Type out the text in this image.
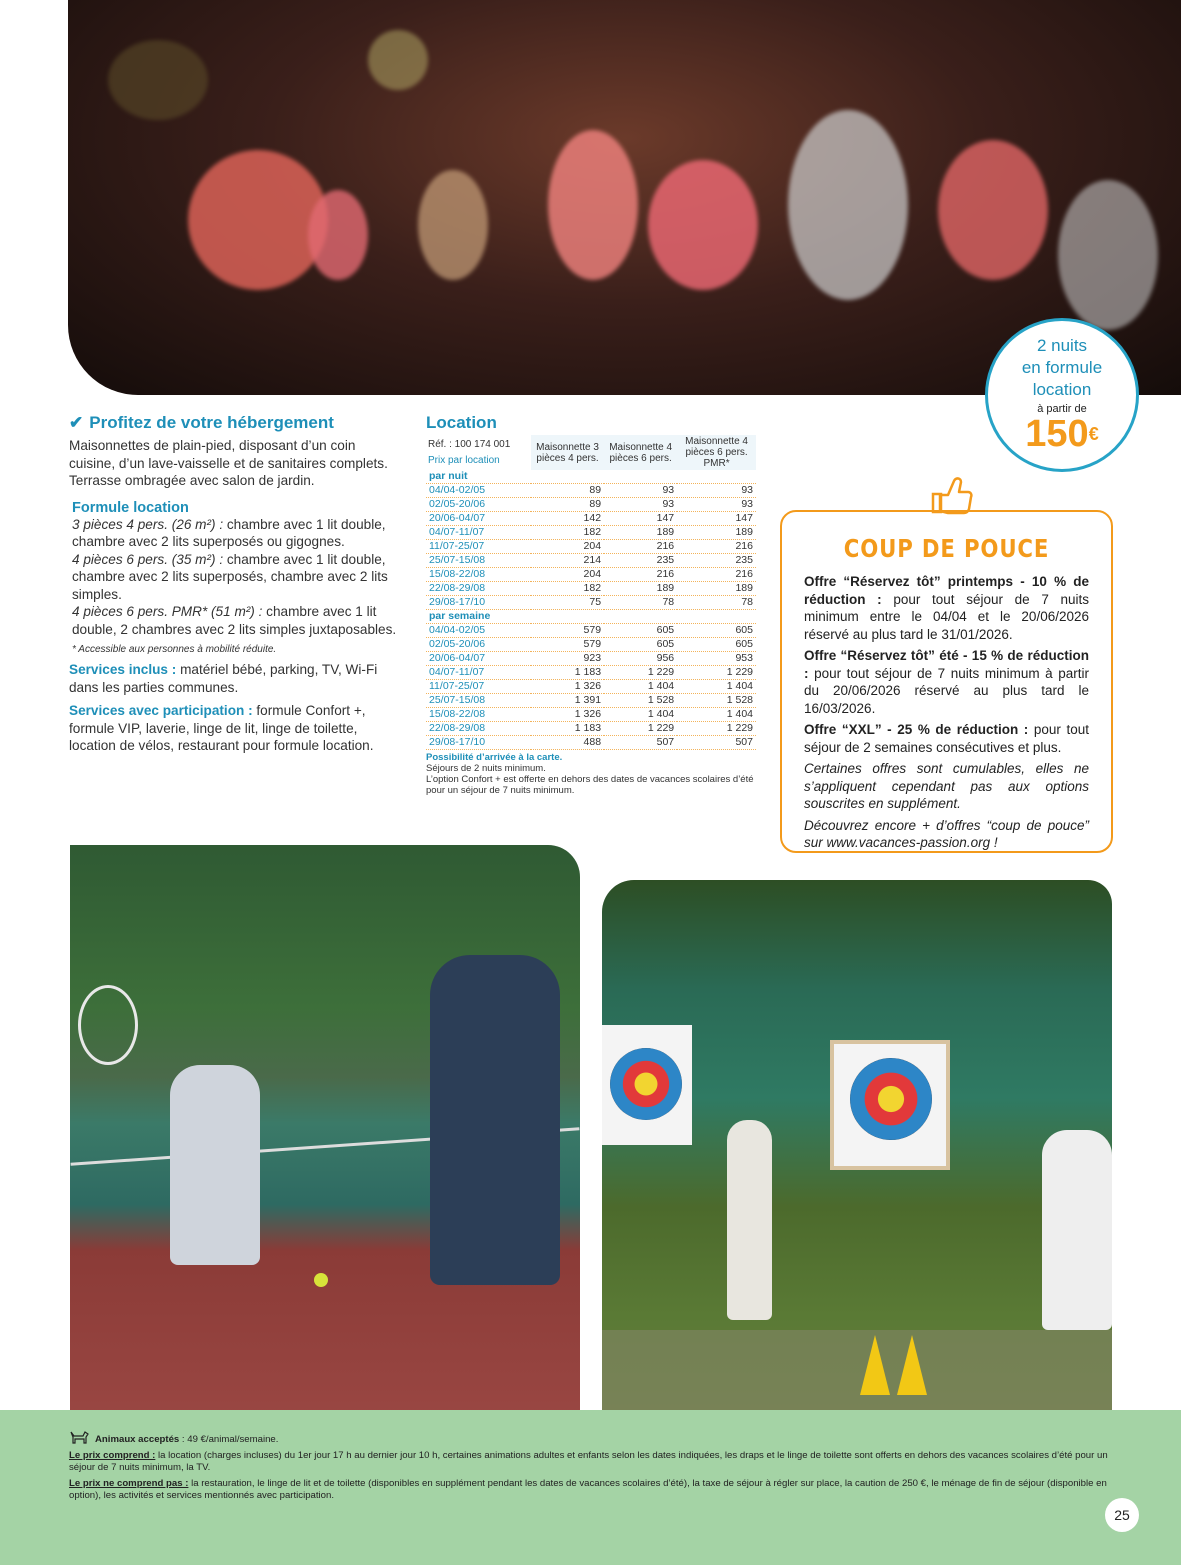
2 nuits
en formule
location
à partir de
150€
✔ Profitez de votre hébergement
Maisonnettes de plain-pied, disposant d’un coin cuisine, d’un lave-vaisselle et de sanitaires complets. Terrasse ombragée avec salon de jardin.
Formule location
3 pièces 4 pers. (26 m²) : chambre avec 1 lit double, chambre avec 2 lits superposés ou gigognes.
4 pièces 6 pers. (35 m²) : chambre avec 1 lit double, chambre avec 2 lits superposés, chambre avec 2 lits simples.
4 pièces 6 pers. PMR* (51 m²) : chambre avec 1 lit double, 2 chambres avec 2 lits simples juxtaposables.
* Accessible aux personnes à mobilité réduite.
Services inclus : matériel bébé, parking, TV, Wi-Fi dans les parties communes.
Services avec participation : formule Confort +, formule VIP, laverie, linge de lit, linge de toilette, location de vélos, restaurant pour formule location.
Location
Réf. : 100 174 001
Prix par location	Maisonnette 3 pièces 4 pers.	Maisonnette 4 pièces 6 pers.	Maisonnette 4 pièces 6 pers. PMR*
par nuit			
04/04-02/05	89	93	93
02/05-20/06	89	93	93
20/06-04/07	142	147	147
04/07-11/07	182	189	189
11/07-25/07	204	216	216
25/07-15/08	214	235	235
15/08-22/08	204	216	216
22/08-29/08	182	189	189
29/08-17/10	75	78	78
par semaine			
04/04-02/05	579	605	605
02/05-20/06	579	605	605
20/06-04/07	923	956	953
04/07-11/07	1 183	1 229	1 229
11/07-25/07	1 326	1 404	1 404
25/07-15/08	1 391	1 528	1 528
15/08-22/08	1 326	1 404	1 404
22/08-29/08	1 183	1 229	1 229
29/08-17/10	488	507	507
Possibilité d’arrivée à la carte.
Séjours de 2 nuits minimum.
L’option Confort + est offerte en dehors des dates de vacances scolaires d’été pour un séjour de 7 nuits minimum.
COUP DE POUCE

Offre “Réservez tôt” printemps - 10 % de réduction : pour tout séjour de 7 nuits minimum entre le 04/04 et le 20/06/2026 réservé au plus tard le 31/01/2026.

Offre “Réservez tôt” été - 15 % de réduction : pour tout séjour de 7 nuits minimum à partir du 20/06/2026 réservé au plus tard le 16/03/2026.

Offre “XXL” - 25 % de réduction : pour tout séjour de 2 semaines consécutives et plus.

Certaines offres sont cumulables, elles ne s’appliquent cependant pas aux options souscrites en supplément.

Découvrez encore + d’offres “coup de pouce” sur www.vacances-passion.org !

Animaux acceptés : 49 €/animal/semaine.

Le prix comprend : la location (charges incluses) du 1er jour 17 h au dernier jour 10 h, certaines animations adultes et enfants selon les dates indiquées, les draps et le linge de toilette sont offerts en dehors des vacances scolaires d’été pour un séjour de 7 nuits minimum, la TV.

Le prix ne comprend pas : la restauration, le linge de lit et de toilette (disponibles en supplément pendant les dates de vacances scolaires d’été), la taxe de séjour à régler sur place, la caution de 250 €, le ménage de fin de séjour (disponible en option), les activités et services mentionnés avec participation.

25
